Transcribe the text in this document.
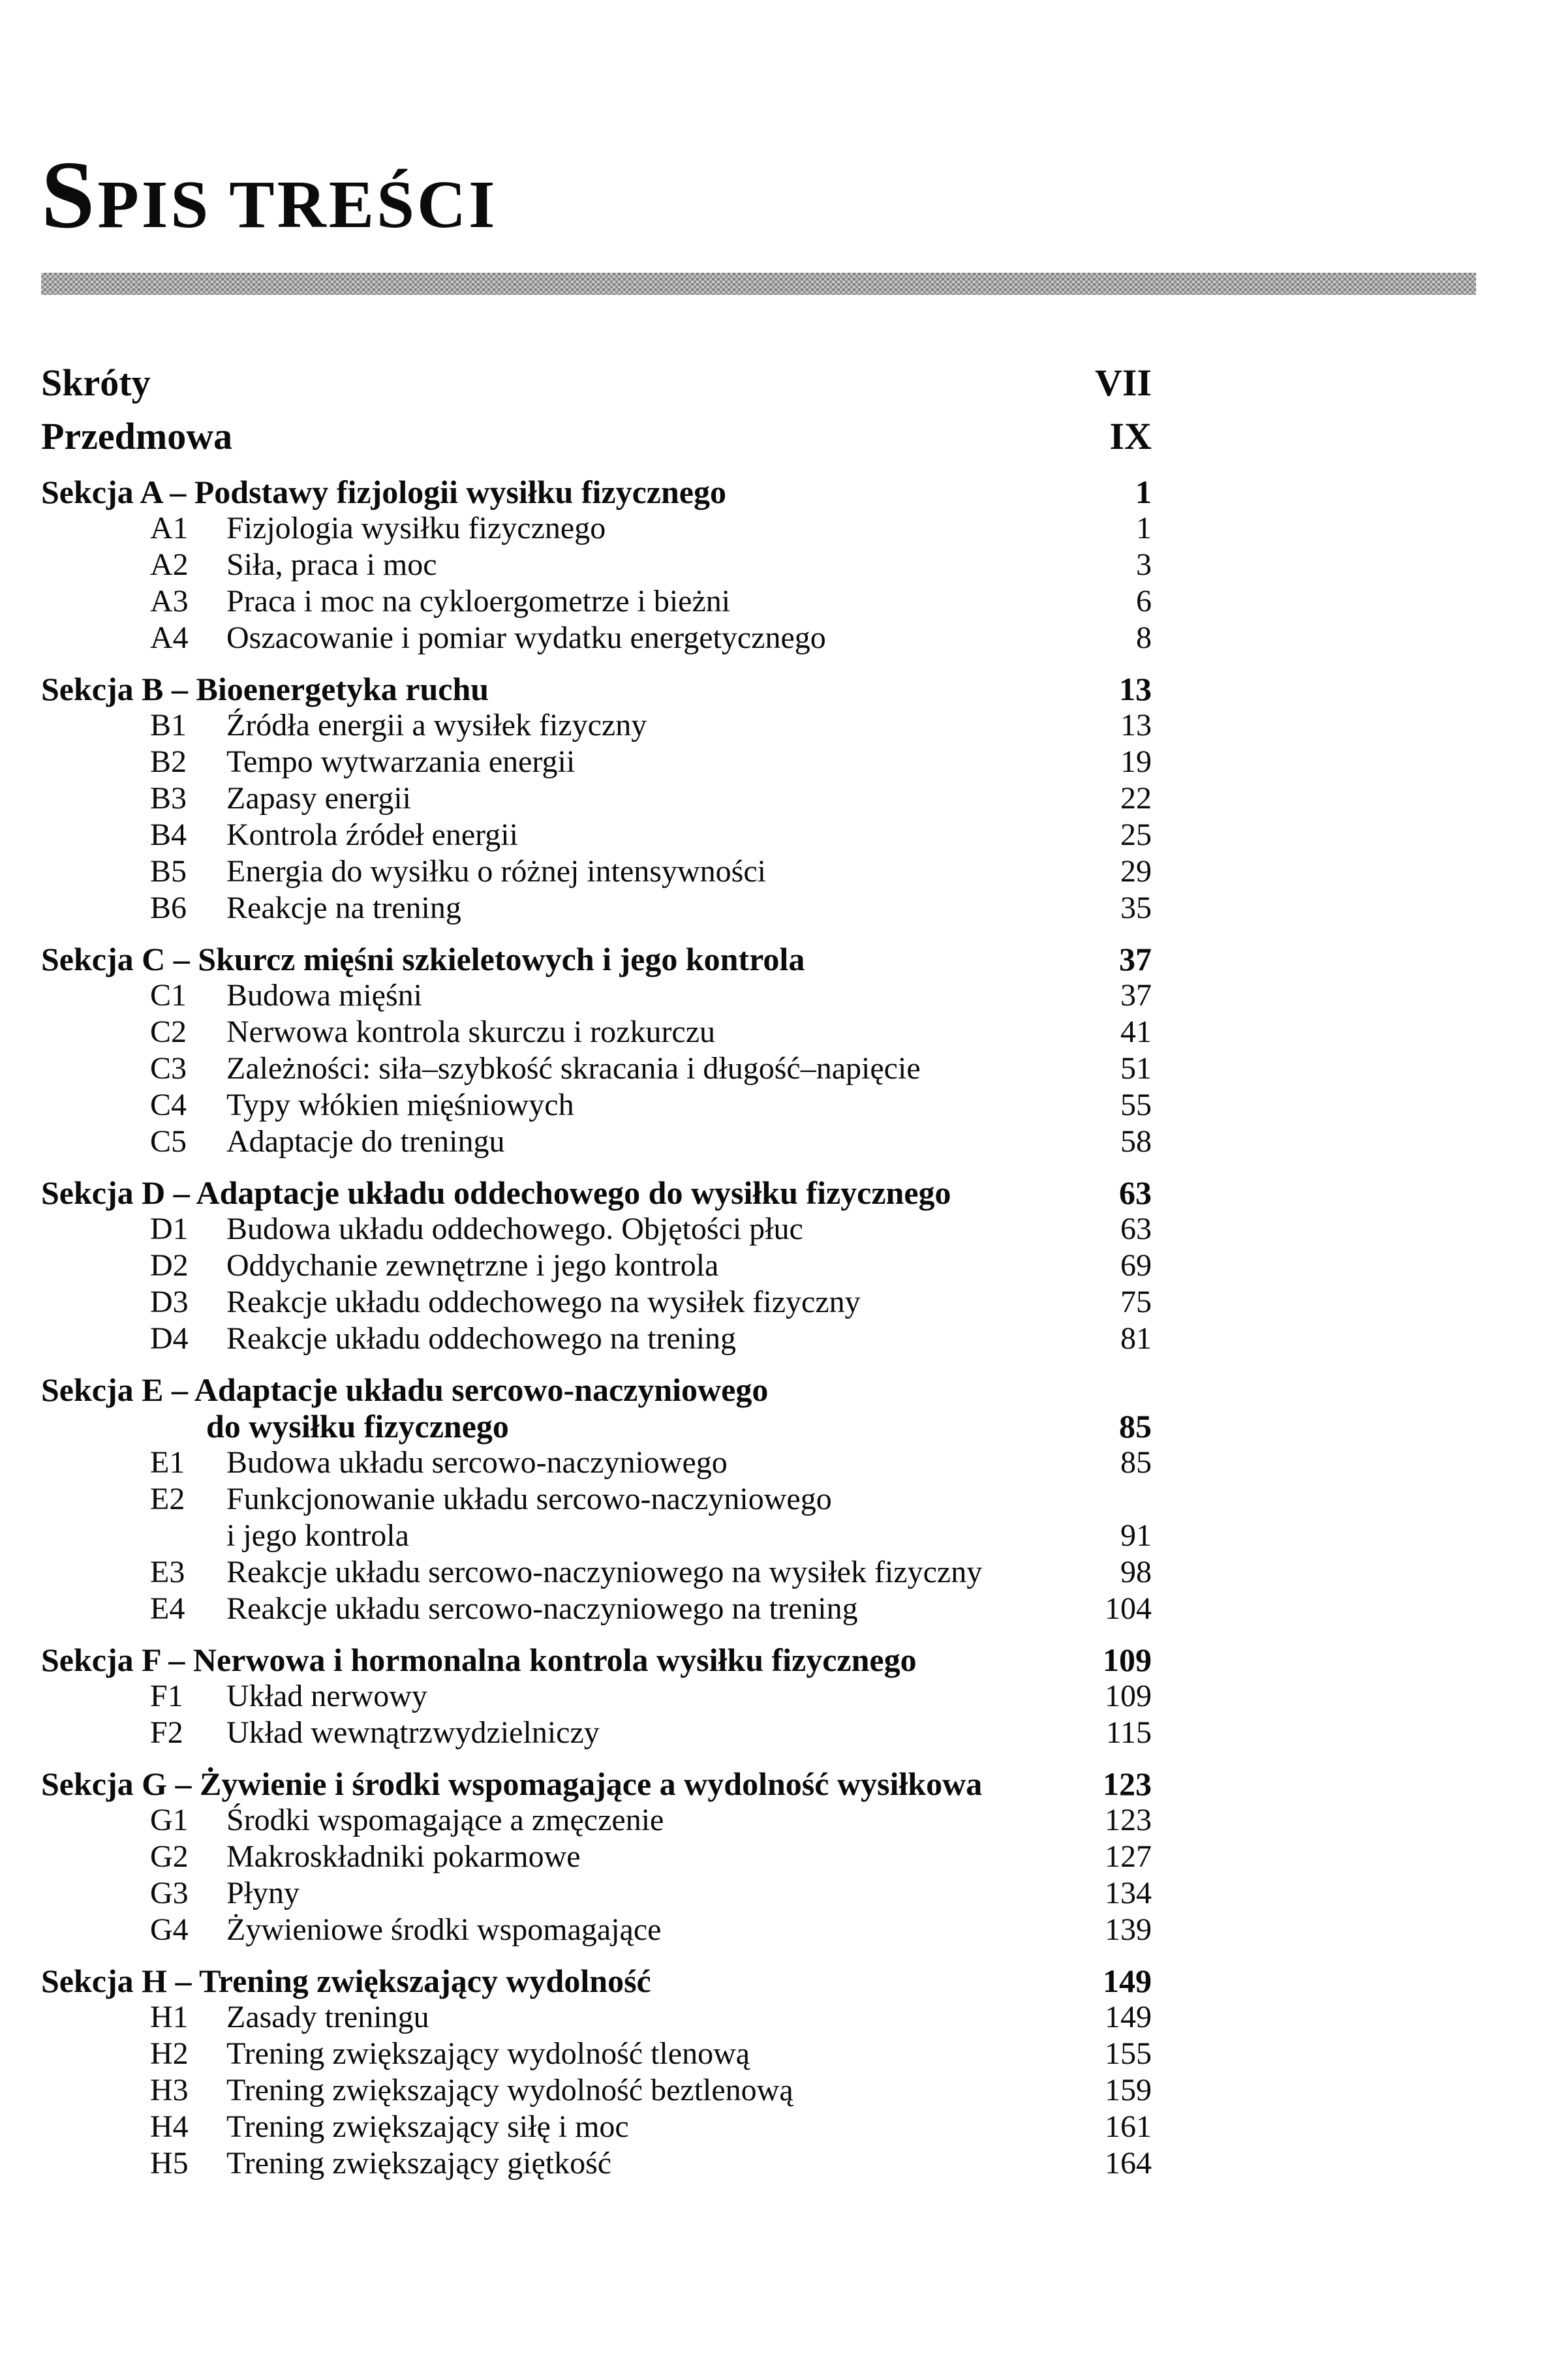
SPIS TREŚCI
Skróty	VII
Przedmowa	IX
Sekcja A – Podstawy fizjologii wysiłku fizycznego	1
A1	Fizjologia wysiłku fizycznego	1
A2	Siła, praca i moc	3
A3	Praca i moc na cykloergometrze i bieżni	6
A4	Oszacowanie i pomiar wydatku energetycznego	8
Sekcja B – Bioenergetyka ruchu	13
B1	Źródła energii a wysiłek fizyczny	13
B2	Tempo wytwarzania energii	19
B3	Zapasy energii	22
B4	Kontrola źródeł energii	25
B5	Energia do wysiłku o różnej intensywności	29
B6	Reakcje na trening	35
Sekcja C – Skurcz mięśni szkieletowych i jego kontrola	37
C1	Budowa mięśni	37
C2	Nerwowa kontrola skurczu i rozkurczu	41
C3	Zależności: siła–szybkość skracania i długość–napięcie	51
C4	Typy włókien mięśniowych	55
C5	Adaptacje do treningu	58
Sekcja D – Adaptacje układu oddechowego do wysiłku fizycznego	63
D1	Budowa układu oddechowego. Objętości płuc	63
D2	Oddychanie zewnętrzne i jego kontrola	69
D3	Reakcje układu oddechowego na wysiłek fizyczny	75
D4	Reakcje układu oddechowego na trening	81
Sekcja E – Adaptacje układu sercowo-naczyniowego
do wysiłku fizycznego	85
E1	Budowa układu sercowo-naczyniowego	85
E2	Funkcjonowanie układu sercowo-naczyniowego
i jego kontrola	91
E3	Reakcje układu sercowo-naczyniowego na wysiłek fizyczny	98
E4	Reakcje układu sercowo-naczyniowego na trening	104
Sekcja F – Nerwowa i hormonalna kontrola wysiłku fizycznego	109
F1	Układ nerwowy	109
F2	Układ wewnątrzwydzielniczy	115
Sekcja G – Żywienie i środki wspomagające a wydolność wysiłkowa	123
G1	Środki wspomagające a zmęczenie	123
G2	Makroskładniki pokarmowe	127
G3	Płyny	134
G4	Żywieniowe środki wspomagające	139
Sekcja H – Trening zwiększający wydolność	149
H1	Zasady treningu	149
H2	Trening zwiększający wydolność tlenową	155
H3	Trening zwiększający wydolność beztlenową	159
H4	Trening zwiększający siłę i moc	161
H5	Trening zwiększający giętkość	164
